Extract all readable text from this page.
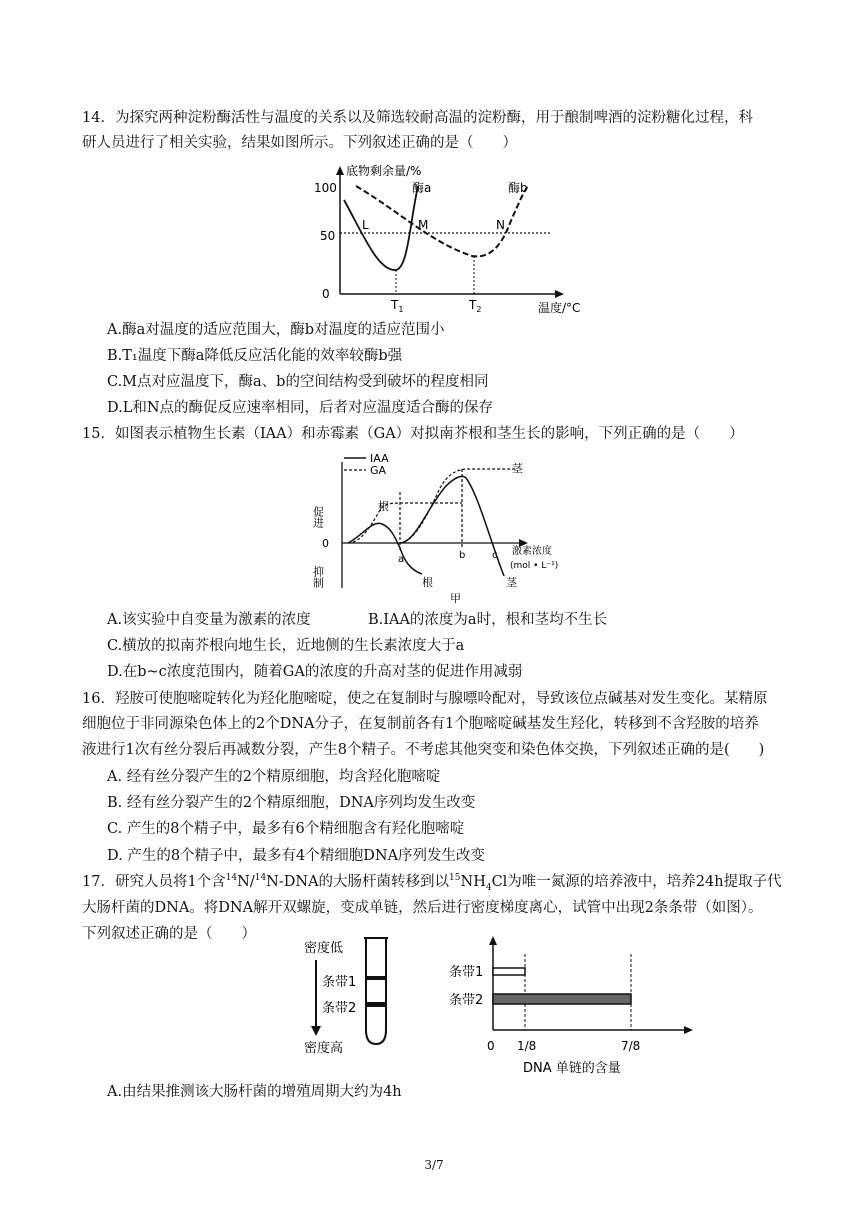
14．为探究两种淀粉酶活性与温度的关系以及筛选较耐高温的淀粉酶，用于酿制啤酒的淀粉糖化过程，科
研人员进行了相关实验，结果如图所示。下列叙述正确的是（　　）
底物剩余量/%
100
50
0
温度/°C
酶a	酶b
L	M	N
$T_1$	$T_2$
A.酶a对温度的适应范围大，酶b对温度的适应范围小
B.T₁温度下酶a降低反应活化能的效率较酶b强
C.M点对应温度下，酶a、b的空间结构受到破坏的程度相同
D.L和N点的酶促反应速率相同，后者对应温度适合酶的保存
15．如图表示植物生长素（IAA）和赤霉素（GA）对拟南芥根和茎生长的影响，下列正确的是（　　）
IAA
GA
促进
抑制
0
根
茎
a	b	c
根	茎
激素浓度
(mol • L⁻¹)
甲
A.该实验中自变量为激素的浓度	B.IAA的浓度为a时，根和茎均不生长
C.横放的拟南芥根向地生长，近地侧的生长素浓度大于a
D.在b~c浓度范围内，随着GA的浓度的升高对茎的促进作用减弱
16．羟胺可使胞嘧啶转化为羟化胞嘧啶，使之在复制时与腺嘌呤配对，导致该位点碱基对发生变化。某精原
细胞位于非同源染色体上的2个DNA分子，在复制前各有1个胞嘧啶碱基发生羟化，转移到不含羟胺的培养
液进行1次有丝分裂后再减数分裂，产生8个精子。不考虑其他突变和染色体交换，下列叙述正确的是(　　)
A. 经有丝分裂产生的2个精原细胞，均含羟化胞嘧啶
B. 经有丝分裂产生的2个精原细胞，DNA序列均发生改变
C. 产生的8个精子中，最多有6个精细胞含有羟化胞嘧啶
D. 产生的8个精子中，最多有4个精细胞DNA序列发生改变
17．研究人员将1个含$^{14}$N/$^{14}$N-DNA的大肠杆菌转移到以$^{15}NH_4Cl$为唯一氮源的培养液中，培养24h提取子代
大肠杆菌的DNA。将DNA解开双螺旋，变成单链，然后进行密度梯度离心，试管中出现2条条带（如图）。
下列叙述正确的是（　　）
密度低
条带1
条带2
密度高
条带1
条带2
0 1/8	7/8
DNA 单链的含量
A.由结果推测该大肠杆菌的增殖周期大约为4h
3/7
